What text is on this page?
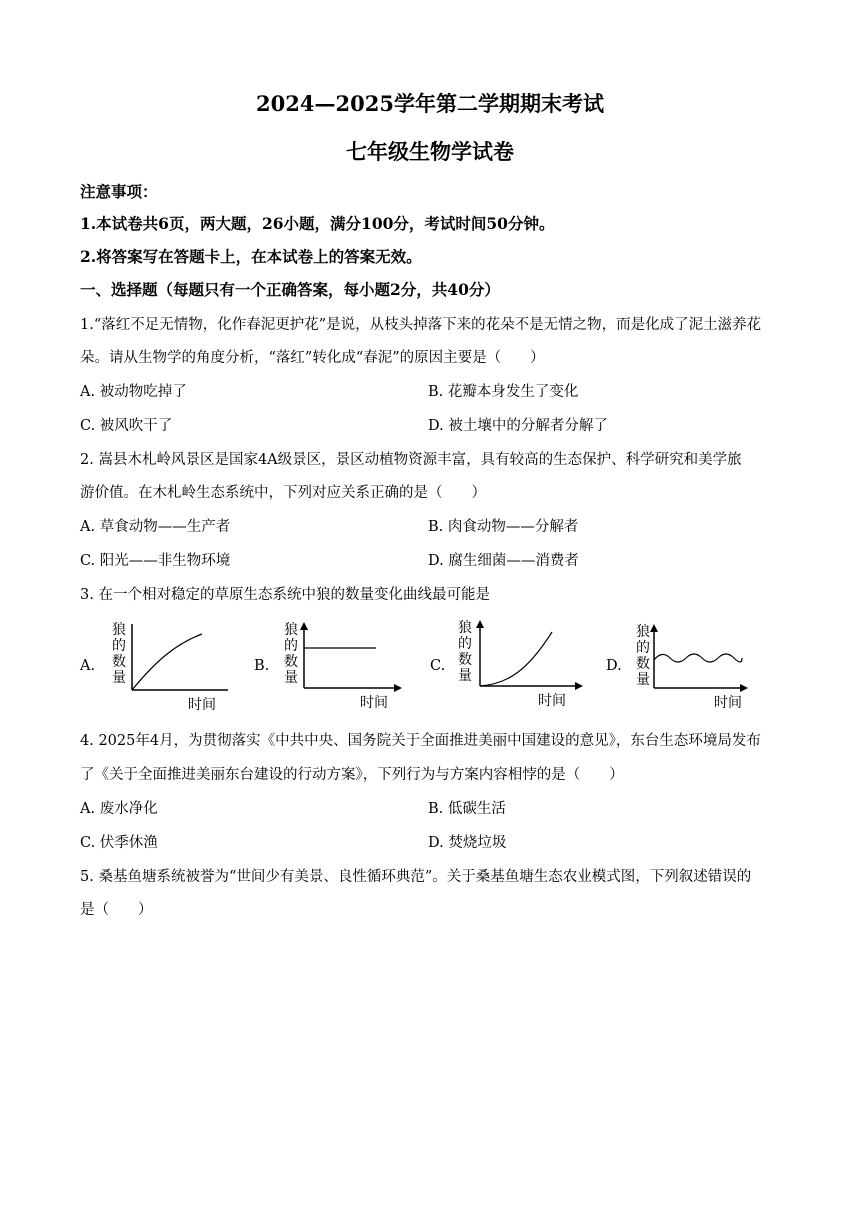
2024—2025学年第二学期期末考试
七年级生物学试卷
注意事项：
1.本试卷共6页，两大题，26小题，满分100分，考试时间50分钟。
2.将答案写在答题卡上，在本试卷上的答案无效。
一、选择题（每题只有一个正确答案，每小题2分，共40分）
1.“落红不足无情物，化作春泥更护花”是说，从枝头掉落下来的花朵不是无情之物，而是化成了泥土滋养花
朵。请从生物学的角度分析，“落红”转化成“春泥”的原因主要是（　　）
A. 被动物吃掉了	B. 花瓣本身发生了变化
C. 被风吹干了	D. 被土壤中的分解者分解了
2. 嵩县木札岭风景区是国家4A级景区，景区动植物资源丰富，具有较高的生态保护、科学研究和美学旅
游价值。在木札岭生态系统中，下列对应关系正确的是（　　）
A. 草食动物——生产者	B. 肉食动物——分解者
C. 阳光——非生物环境	D. 腐生细菌——消费者
3. 在一个相对稳定的草原生态系统中狼的数量变化曲线最可能是
A.
狼
的
数
量
时间
B.
狼
的
数
量
时间
C.
狼
的
数
量
时间
D.
狼
的
数
量
时间
4. 2025年4月，为贯彻落实《中共中央、国务院关于全面推进美丽中国建设的意见》，东台生态环境局发布
了《关于全面推进美丽东台建设的行动方案》，下列行为与方案内容相悖的是（　　）
A. 废水净化	B. 低碳生活
C. 伏季休渔	D. 焚烧垃圾
5. 桑基鱼塘系统被誉为“世间少有美景、良性循环典范”。关于桑基鱼塘生态农业模式图，下列叙述错误的
是（　　）
